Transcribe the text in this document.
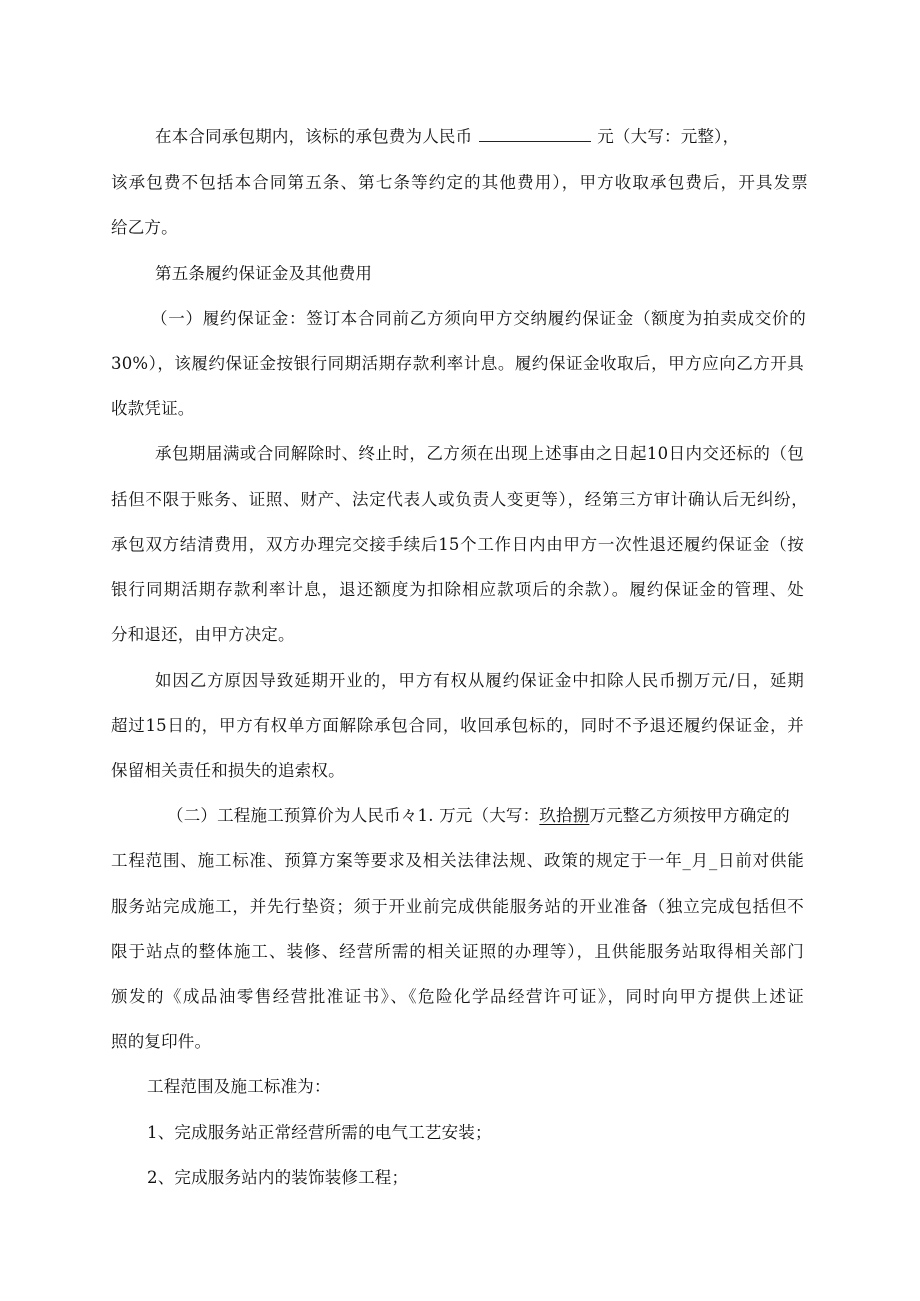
在本合同承包期内，该标的承包费为人民币	元（大写：元整），
该承包费不包括本合同第五条、第七条等约定的其他费用），甲方收取承包费后，开具发票
给乙方。
第五条履约保证金及其他费用
（一）履约保证金：签订本合同前乙方须向甲方交纳履约保证金（额度为拍卖成交价的
30%），该履约保证金按银行同期活期存款利率计息。履约保证金收取后，甲方应向乙方开具
收款凭证。
承包期届满或合同解除时、终止时，乙方须在出现上述事由之日起10日内交还标的（包
括但不限于账务、证照、财产、法定代表人或负责人变更等），经第三方审计确认后无纠纷，
承包双方结清费用，双方办理完交接手续后15个工作日内由甲方一次性退还履约保证金（按
银行同期活期存款利率计息，退还额度为扣除相应款项后的余款）。履约保证金的管理、处
分和退还，由甲方决定。
如因乙方原因导致延期开业的，甲方有权从履约保证金中扣除人民币捌万元/日，延期
超过15日的，甲方有权单方面解除承包合同，收回承包标的，同时不予退还履约保证金，并
保留相关责任和损失的追索权。
（二）工程施工预算价为人民币々1. 万元（大写：玖拾捌万元整乙方须按甲方确定的
工程范围、施工标准、预算方案等要求及相关法律法规、政策的规定于一年_月_日前对供能
服务站完成施工，并先行垫资；须于开业前完成供能服务站的开业准备（独立完成包括但不
限于站点的整体施工、装修、经营所需的相关证照的办理等），且供能服务站取得相关部门
颁发的《成品油零售经营批准证书》、《危险化学品经营许可证》，同时向甲方提供上述证
照的复印件。
工程范围及施工标准为：
1、完成服务站正常经营所需的电气工艺安装；
2、完成服务站内的装饰装修工程；
